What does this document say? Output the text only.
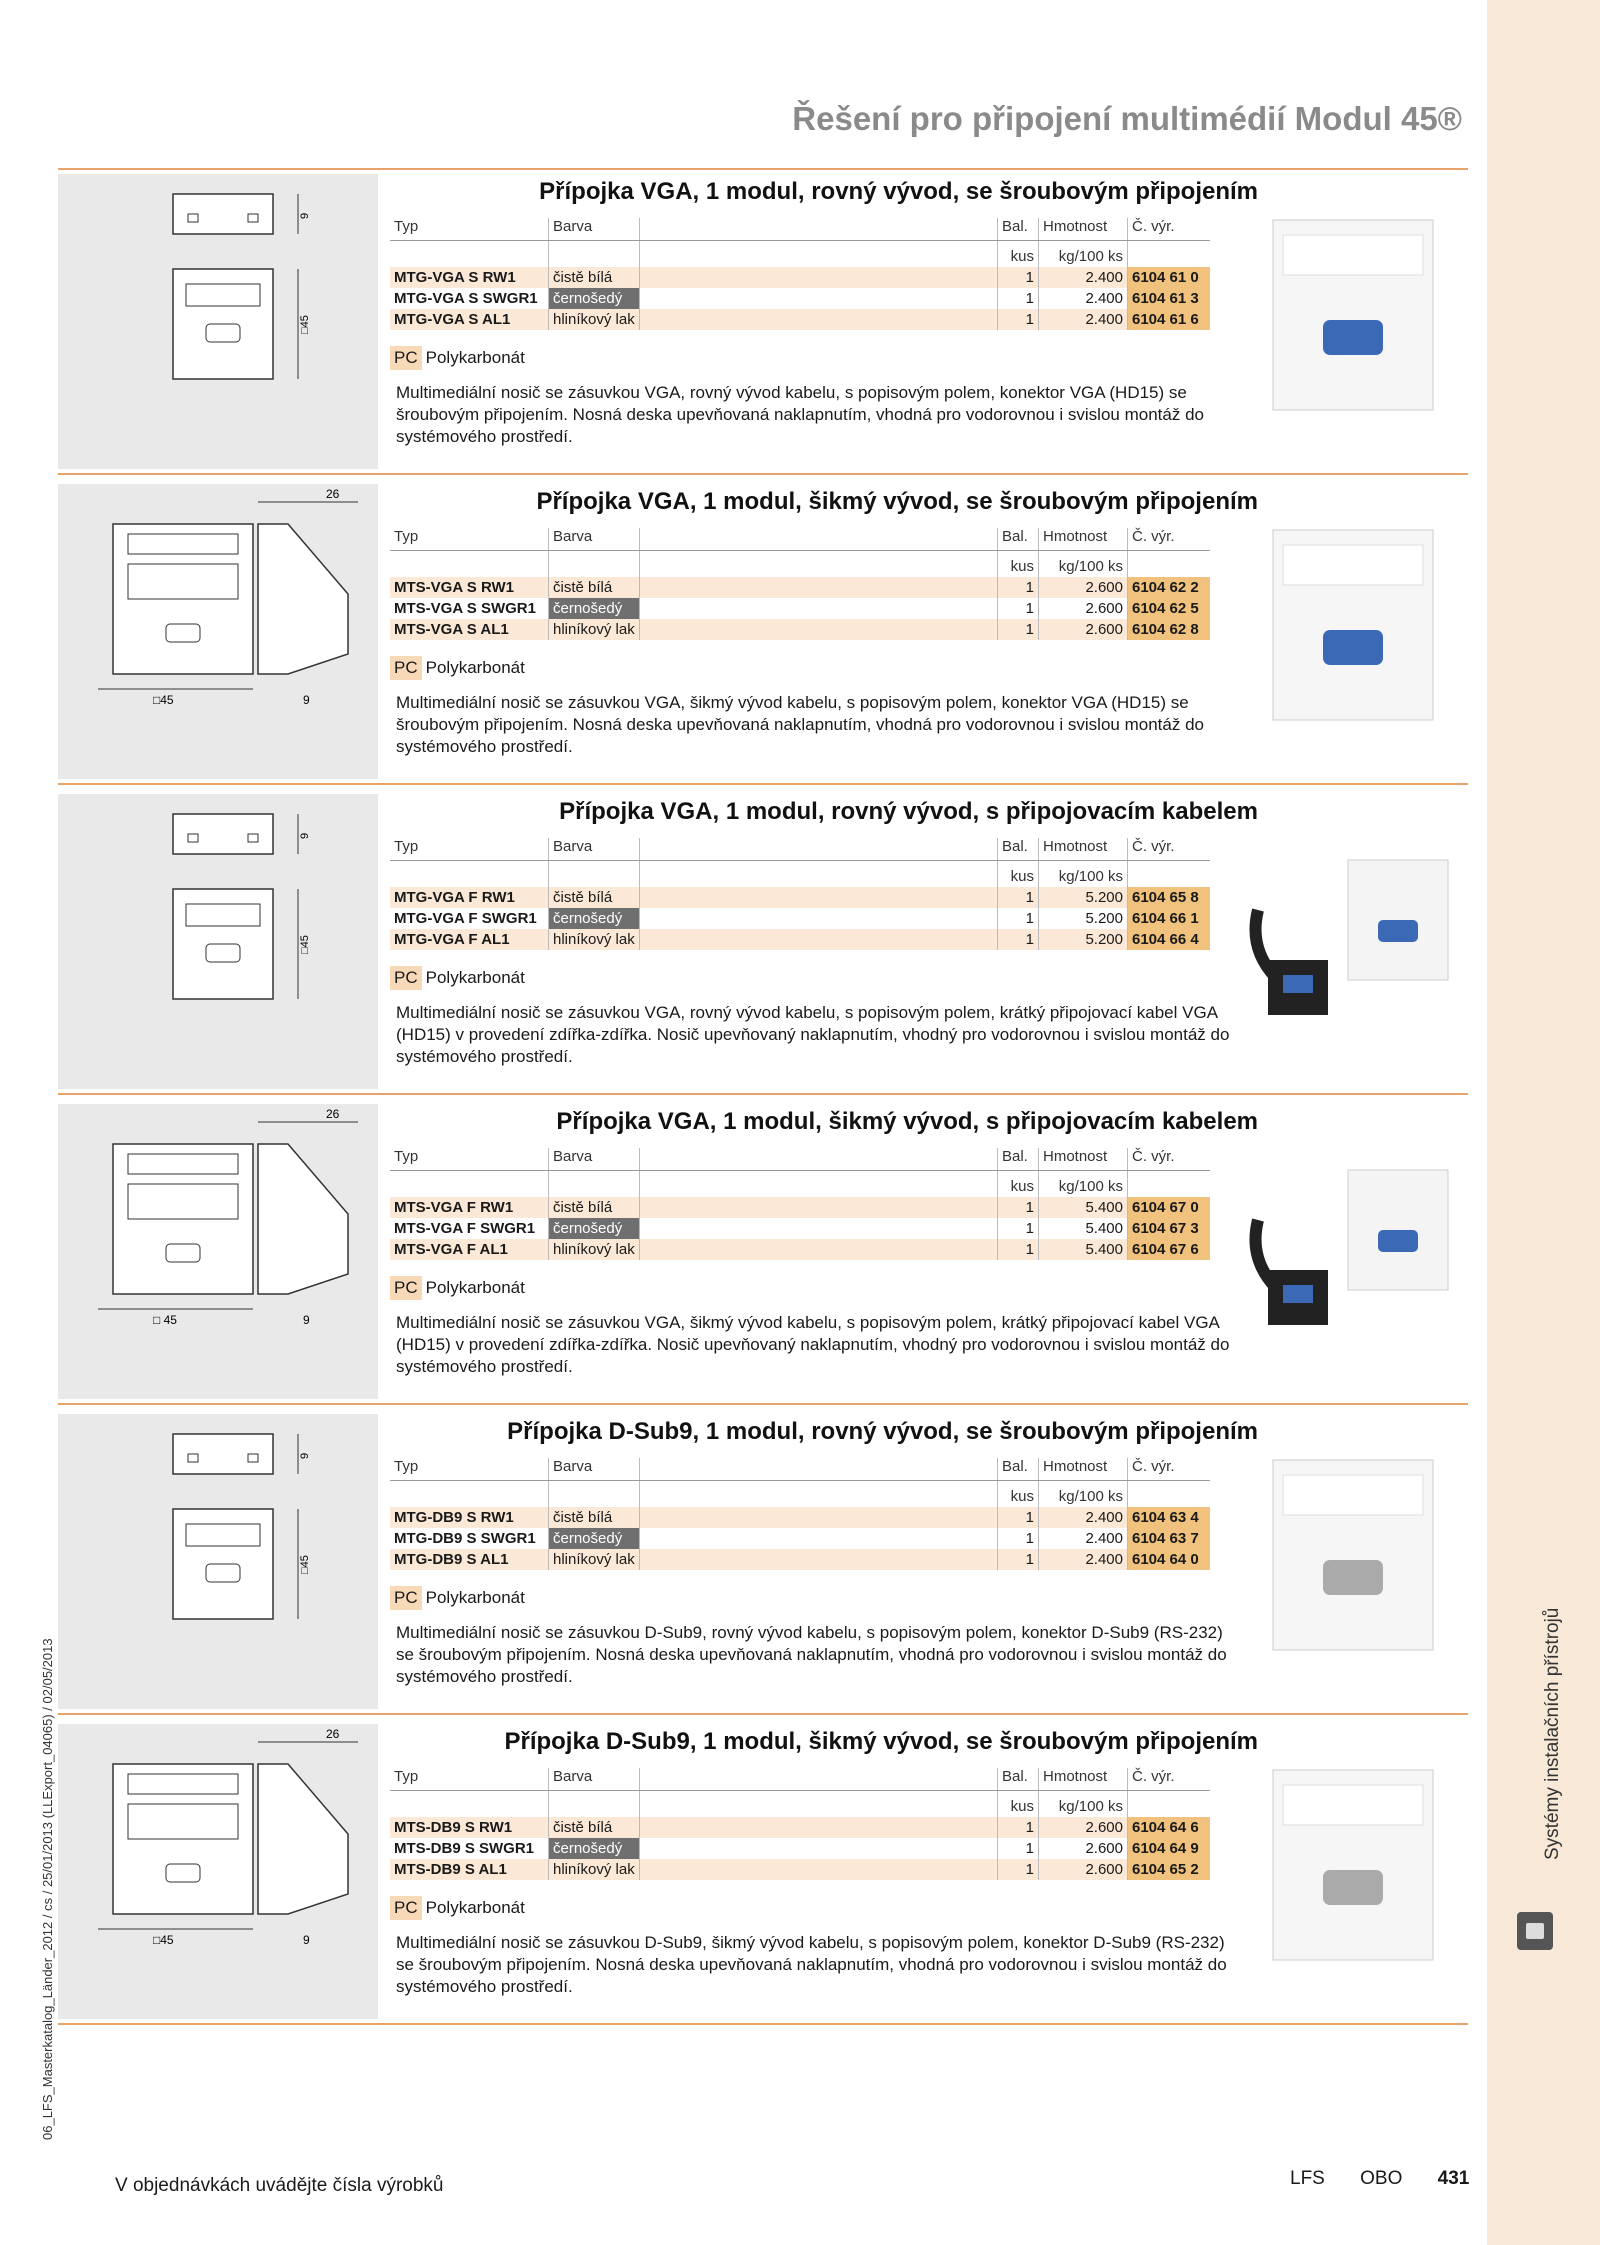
Systémy instalačních přístrojů
06_LFS_Masterkatalog_Länder_2012 / cs / 25/01/2013 (LLExport_04065) / 02/05/2013
Řešení pro připojení multimédií Modul 45®
9
□45
Přípojka VGA, 1 modul, rovný vývod, se šroubovým připojením
Typ	Barva		Bal.	Hmotnost	Č. výr.
			kus	kg/100 ks	
MTG-VGA S RW1	čistě bílá		1	2.400	6104 61 0
MTG-VGA S SWGR1	černošedý		1	2.400	6104 61 3
MTG-VGA S AL1	hliníkový lak		1	2.400	6104 61 6
PC Polykarbonát
Multimediální nosič se zásuvkou VGA, rovný vývod kabelu, s popisovým polem, konektor VGA (HD15) se šroubovým připojením. Nosná deska upevňovaná naklapnutím, vhodná pro vodorovnou i svislou montáž do systémového prostředí.
26
□45	9
Přípojka VGA, 1 modul, šikmý vývod, se šroubovým připojením
Typ	Barva		Bal.	Hmotnost	Č. výr.
			kus	kg/100 ks	
MTS-VGA S RW1	čistě bílá		1	2.600	6104 62 2
MTS-VGA S SWGR1	černošedý		1	2.600	6104 62 5
MTS-VGA S AL1	hliníkový lak		1	2.600	6104 62 8
PC Polykarbonát
Multimediální nosič se zásuvkou VGA, šikmý vývod kabelu, s popisovým polem, konektor VGA (HD15) se šroubovým připojením. Nosná deska upevňovaná naklapnutím, vhodná pro vodorovnou i svislou montáž do systémového prostředí.
9
□45
Přípojka VGA, 1 modul, rovný vývod, s připojovacím kabelem
Typ	Barva		Bal.	Hmotnost	Č. výr.
			kus	kg/100 ks	
MTG-VGA F RW1	čistě bílá		1	5.200	6104 65 8
MTG-VGA F SWGR1	černošedý		1	5.200	6104 66 1
MTG-VGA F AL1	hliníkový lak		1	5.200	6104 66 4
PC Polykarbonát
Multimediální nosič se zásuvkou VGA, rovný vývod kabelu, s popisovým polem, krátký připojovací kabel VGA (HD15) v provedení zdířka-zdířka. Nosič upevňovaný naklapnutím, vhodný pro vodorovnou i svislou montáž do systémového prostředí.
26
□ 45	9
Přípojka VGA, 1 modul, šikmý vývod, s připojovacím kabelem
Typ	Barva		Bal.	Hmotnost	Č. výr.
			kus	kg/100 ks	
MTS-VGA F RW1	čistě bílá		1	5.400	6104 67 0
MTS-VGA F SWGR1	černošedý		1	5.400	6104 67 3
MTS-VGA F AL1	hliníkový lak		1	5.400	6104 67 6
PC Polykarbonát
Multimediální nosič se zásuvkou VGA, šikmý vývod kabelu, s popisovým polem, krátký připojovací kabel VGA (HD15) v provedení zdířka-zdířka. Nosič upevňovaný naklapnutím, vhodný pro vodorovnou i svislou montáž do systémového prostředí.
9
□45
Přípojka D-Sub9, 1 modul, rovný vývod, se šroubovým připojením
Typ	Barva		Bal.	Hmotnost	Č. výr.
			kus	kg/100 ks	
MTG-DB9 S RW1	čistě bílá		1	2.400	6104 63 4
MTG-DB9 S SWGR1	černošedý		1	2.400	6104 63 7
MTG-DB9 S AL1	hliníkový lak		1	2.400	6104 64 0
PC Polykarbonát
Multimediální nosič se zásuvkou D-Sub9, rovný vývod kabelu, s popisovým polem, konektor D-Sub9 (RS-232) se šroubovým připojením. Nosná deska upevňovaná naklapnutím, vhodná pro vodorovnou i svislou montáž do systémového prostředí.
26
□45	9
Přípojka D-Sub9, 1 modul, šikmý vývod, se šroubovým připojením
Typ	Barva		Bal.	Hmotnost	Č. výr.
			kus	kg/100 ks	
MTS-DB9 S RW1	čistě bílá		1	2.600	6104 64 6
MTS-DB9 S SWGR1	černošedý		1	2.600	6104 64 9
MTS-DB9 S AL1	hliníkový lak		1	2.600	6104 65 2
PC Polykarbonát
Multimediální nosič se zásuvkou D-Sub9, šikmý vývod kabelu, s popisovým polem, konektor D-Sub9 (RS-232) se šroubovým připojením. Nosná deska upevňovaná naklapnutím, vhodná pro vodorovnou i svislou montáž do systémového prostředí.
V objednávkách uvádějte čísla výrobků	LFS OBO 431
